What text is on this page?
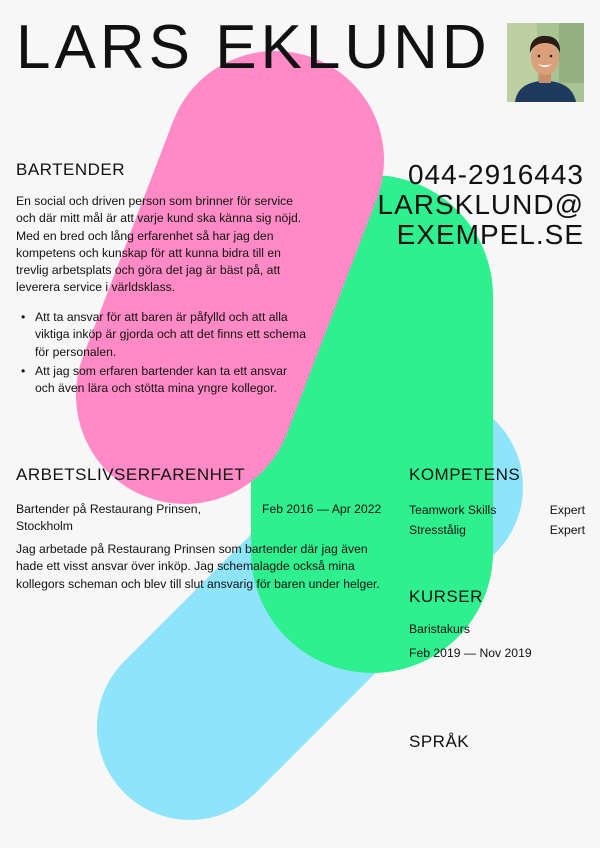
LARS EKLUND
BARTENDER	044-2916443
LARSKLUND@
EXEMPEL.SE

En social och driven person som brinner för service och där mitt mål är att varje kund ska känna sig nöjd. Med en bred och lång erfarenhet så har jag den kompetens och kunskap för att kunna bidra till en trevlig arbetsplats och göra det jag är bäst på, att leverera service i världsklass.

• Att ta ansvar för att baren är påfylld och att alla viktiga inköp är gjorda och att det finns ett schema för personalen.
• Att jag som erfaren bartender kan ta ett ansvar och även lära och stötta mina yngre kollegor.
ARBETSLIVSERFARENHET
Bartender på Restaurang Prinsen, Stockholm
Feb 2016 — Apr 2022

Jag arbetade på Restaurang Prinsen som bartender där jag även hade ett visst ansvar över inköp. Jag schemalagde också mina kollegors scheman och blev till slut ansvarig för baren under helger.

KOMPETENS
Teamwork Skills	Expert
Stresstålig	Expert
KURSER
Baristakurs
Feb 2019 — Nov 2019
SPRÅK
